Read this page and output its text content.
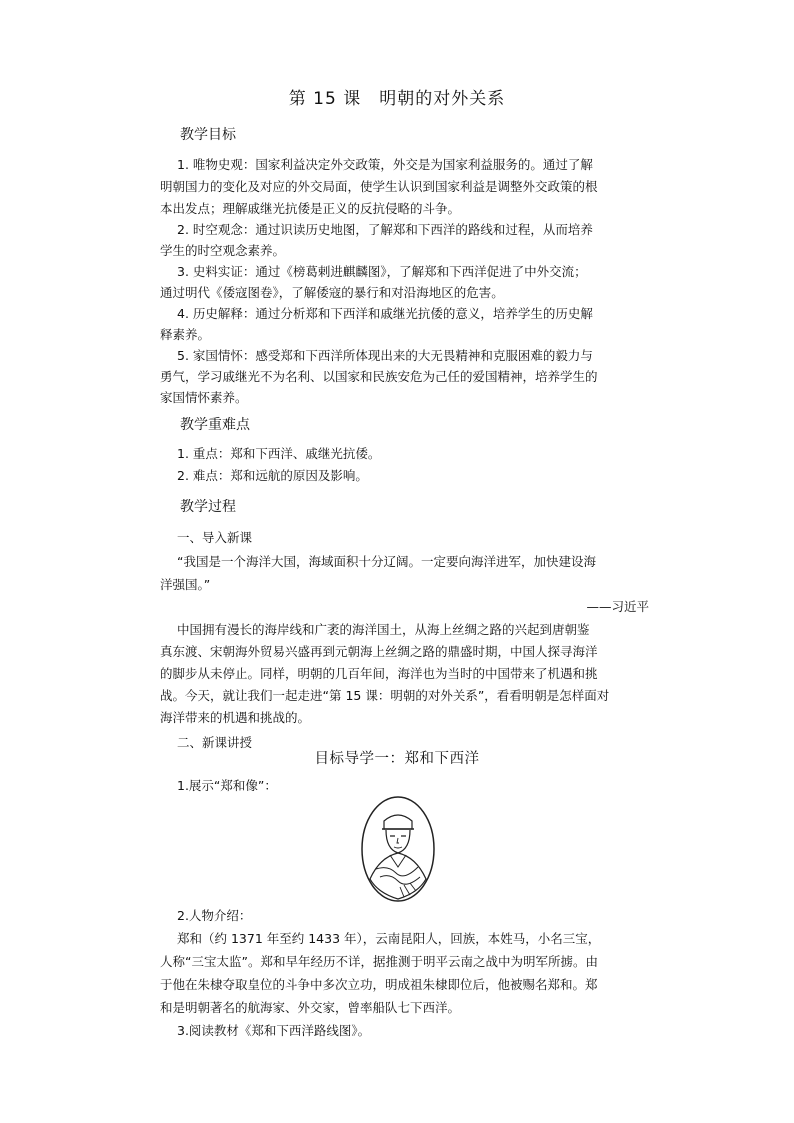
第 15 课　明朝的对外关系
教学目标
1. 唯物史观：国家利益决定外交政策，外交是为国家利益服务的。通过了解
明朝国力的变化及对应的外交局面，使学生认识到国家利益是调整外交政策的根
本出发点；理解戚继光抗倭是正义的反抗侵略的斗争。
2. 时空观念：通过识读历史地图，了解郑和下西洋的路线和过程，从而培养
学生的时空观念素养。
3. 史料实证：通过《榜葛剌进麒麟图》，了解郑和下西洋促进了中外交流；
通过明代《倭寇图卷》，了解倭寇的暴行和对沿海地区的危害。
4. 历史解释：通过分析郑和下西洋和戚继光抗倭的意义，培养学生的历史解
释素养。
5. 家国情怀：感受郑和下西洋所体现出来的大无畏精神和克服困难的毅力与
勇气，学习戚继光不为名利、以国家和民族安危为己任的爱国精神，培养学生的
家国情怀素养。
教学重难点
1. 重点：郑和下西洋、戚继光抗倭。
2. 难点：郑和远航的原因及影响。
教学过程
一、导入新课
“我国是一个海洋大国，海域面积十分辽阔。一定要向海洋进军，加快建设海
洋强国。”
——习近平
中国拥有漫长的海岸线和广袤的海洋国土，从海上丝绸之路的兴起到唐朝鉴
真东渡、宋朝海外贸易兴盛再到元朝海上丝绸之路的鼎盛时期，中国人探寻海洋
的脚步从未停止。同样，明朝的几百年间，海洋也为当时的中国带来了机遇和挑
战。今天，就让我们一起走进“第 15 课：明朝的对外关系”，看看明朝是怎样面对
海洋带来的机遇和挑战的。
二、新课讲授
目标导学一：郑和下西洋
1.展示“郑和像”：
2.人物介绍：
郑和（约 1371 年至约 1433 年），云南昆阳人，回族，本姓马，小名三宝，
人称“三宝太监”。郑和早年经历不详，据推测于明平云南之战中为明军所掳。由
于他在朱棣夺取皇位的斗争中多次立功，明成祖朱棣即位后，他被赐名郑和。郑
和是明朝著名的航海家、外交家，曾率船队七下西洋。
3.阅读教材《郑和下西洋路线图》。
